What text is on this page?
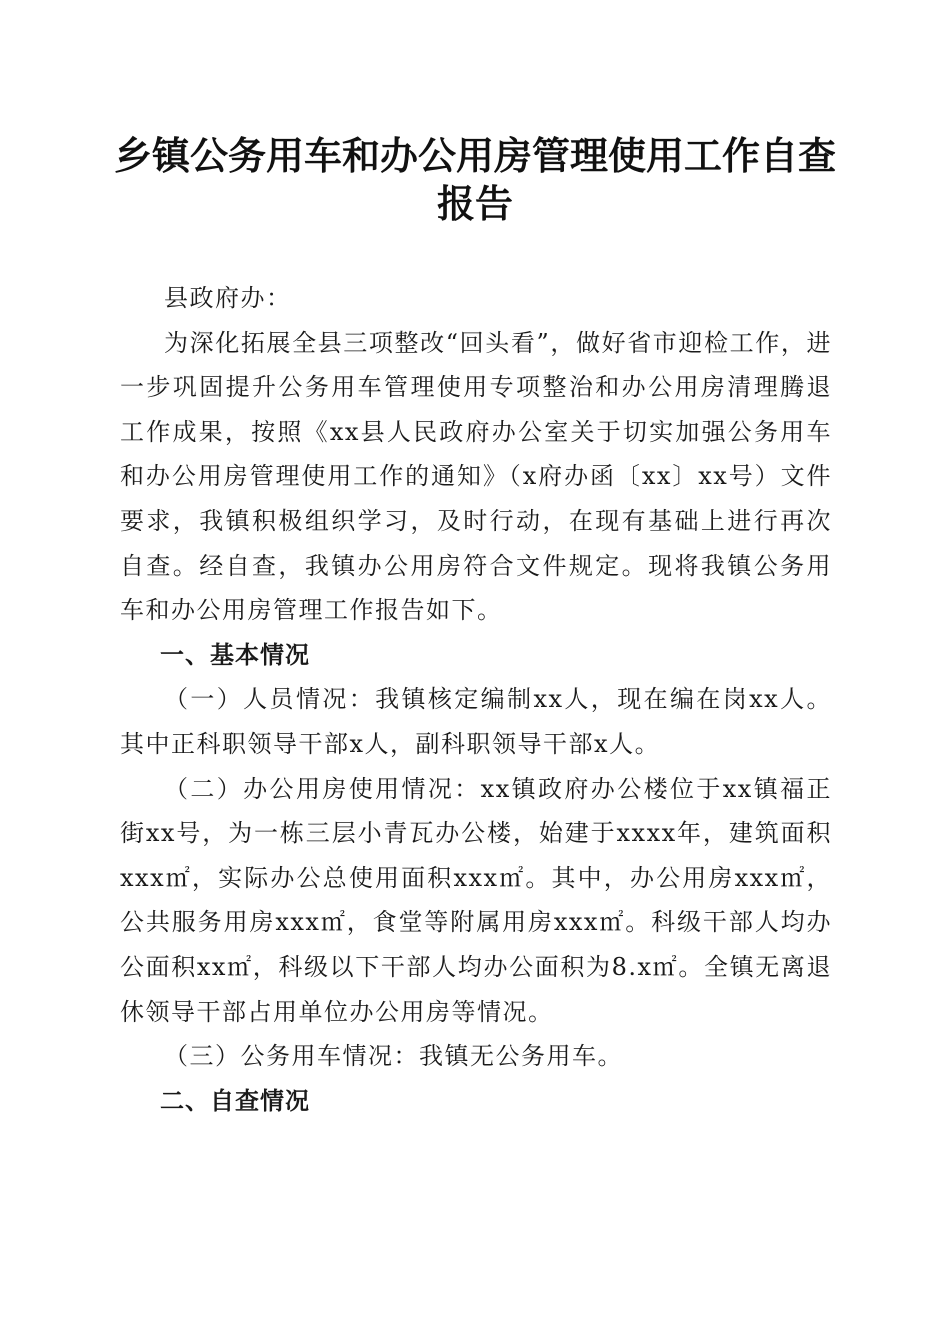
乡镇公务用车和办公用房管理使用工作自查报告

县政府办：

为深化拓展全县三项整改“回头看”，做好省市迎检工作，进一步巩固提升公务用车管理使用专项整治和办公用房清理腾退工作成果，按照《xx县人民政府办公室关于切实加强公务用车和办公用房管理使用工作的通知》（x府办函〔xx〕xx号）文件要求，我镇积极组织学习，及时行动，在现有基础上进行再次自查。经自查，我镇办公用房符合文件规定。现将我镇公务用车和办公用房管理工作报告如下。

一、基本情况

（一）人员情况：我镇核定编制xx人，现在编在岗xx人。其中正科职领导干部x人，副科职领导干部x人。

（二）办公用房使用情况：xx镇政府办公楼位于xx镇福正街xx号，为一栋三层小青瓦办公楼，始建于xxxx年，建筑面积xxx㎡，实际办公总使用面积xxx㎡。其中，办公用房xxx㎡，公共服务用房xxx㎡，食堂等附属用房xxx㎡。科级干部人均办公面积xx㎡，科级以下干部人均办公面积为8.x㎡。全镇无离退休领导干部占用单位办公用房等情况。

（三）公务用车情况：我镇无公务用车。

二、自查情况
